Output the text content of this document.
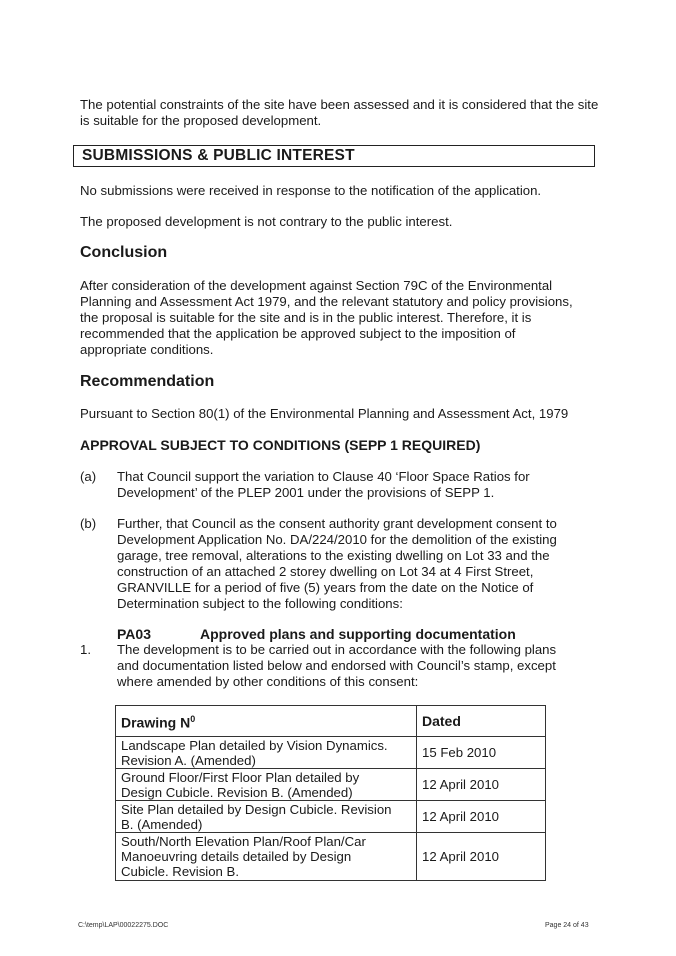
The potential constraints of the site have been assessed and it is considered that the site is suitable for the proposed development.
SUBMISSIONS & PUBLIC INTEREST
No submissions were received in response to the notification of the application.
The proposed development is not contrary to the public interest.
Conclusion
After consideration of the development against Section 79C of the Environmental
Planning and Assessment Act 1979, and the relevant statutory and policy provisions,
the proposal is suitable for the site and is in the public interest. Therefore, it is
recommended that the application be approved subject to the imposition of
appropriate conditions.
Recommendation
Pursuant to Section 80(1) of the Environmental Planning and Assessment Act, 1979
APPROVAL SUBJECT TO CONDITIONS (SEPP 1 REQUIRED)
(a) That Council support the variation to Clause 40 ‘Floor Space Ratios for
Development’ of the PLEP 2001 under the provisions of SEPP 1.
(b) Further, that Council as the consent authority grant development consent to
Development Application No. DA/224/2010 for the demolition of the existing
garage, tree removal, alterations to the existing dwelling on Lot 33 and the
construction of an attached 2 storey dwelling on Lot 34 at 4 First Street,
GRANVILLE for a period of five (5) years from the date on the Notice of
Determination subject to the following conditions:
PA03	Approved plans and supporting documentation
1. The development is to be carried out in accordance with the following plans
and documentation listed below and endorsed with Council’s stamp, except
where amended by other conditions of this consent:
Drawing $N^0$	Dated

Landscape Plan detailed by Vision Dynamics.
Revision A. (Amended)	15 Feb 2010

Ground Floor/First Floor Plan detailed by
Design Cubicle. Revision B. (Amended)	12 April 2010

Site Plan detailed by Design Cubicle. Revision
B. (Amended)	12 April 2010

South/North Elevation Plan/Roof Plan/Car
Manoeuvring details detailed by Design
Cubicle. Revision B.	12 April 2010
C:\temp\LAP\00022275.DOC	Page 24 of 43
